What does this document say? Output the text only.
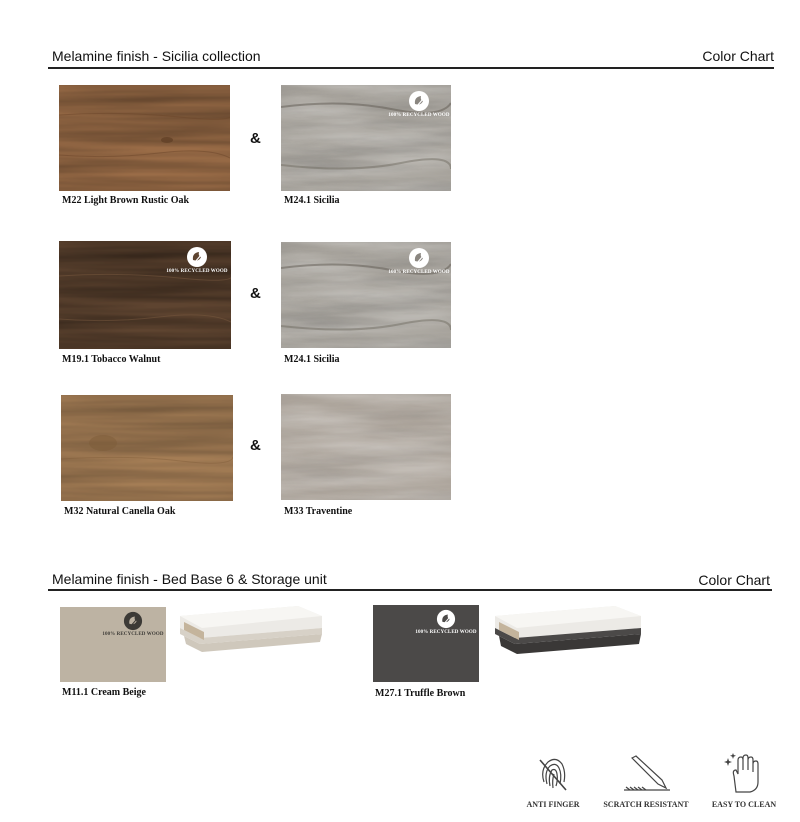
Melamine finish - Sicilia collection	Color Chart
&
100% RECYCLED WOOD
M22 Light Brown Rustic Oak	M24.1 Sicilia
100% RECYCLED WOOD
&
100% RECYCLED WOOD
M19.1 Tobacco Walnut	M24.1 Sicilia
&
M32 Natural Canella Oak	M33 Traventine
Melamine finish - Bed Base 6 & Storage unit	Color Chart
100% RECYCLED WOOD
M11.1 Cream Beige
100% RECYCLED WOOD
M27.1 Truffle Brown
ANTI FINGER	SCRATCH RESISTANT	EASY TO CLEAN
